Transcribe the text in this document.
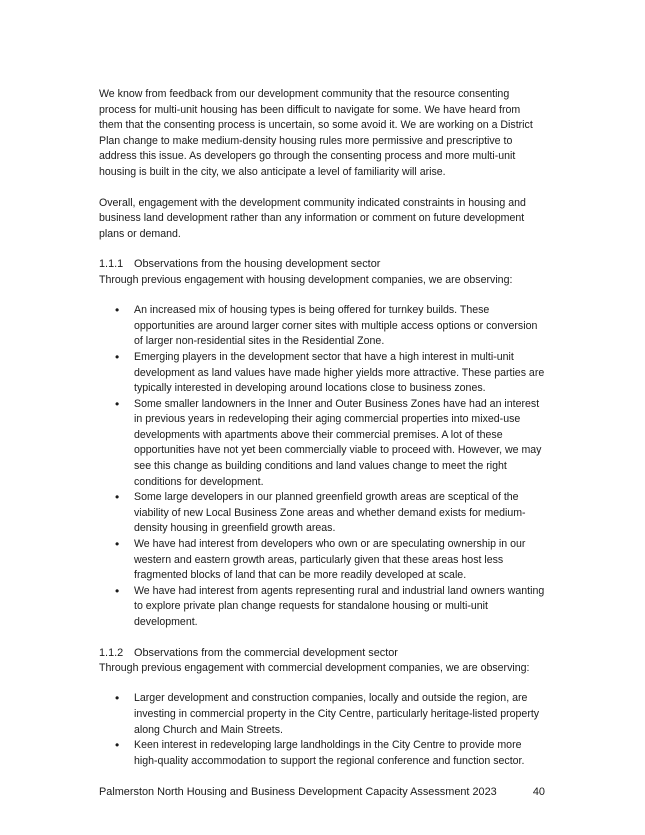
We know from feedback from our development community that the resource consenting process for multi-unit housing has been difficult to navigate for some. We have heard from them that the consenting process is uncertain, so some avoid it. We are working on a District Plan change to make medium-density housing rules more permissive and prescriptive to address this issue. As developers go through the consenting process and more multi-unit housing is built in the city, we also anticipate a level of familiarity will arise.

Overall, engagement with the development community indicated constraints in housing and business land development rather than any information or comment on future development plans or demand.

1.1.1 Observations from the housing development sector

Through previous engagement with housing development companies, we are observing:

• An increased mix of housing types is being offered for turnkey builds. These opportunities are around larger corner sites with multiple access options or conversion of larger non-residential sites in the Residential Zone.
• Emerging players in the development sector that have a high interest in multi-unit development as land values have made higher yields more attractive. These parties are typically interested in developing around locations close to business zones.
• Some smaller landowners in the Inner and Outer Business Zones have had an interest in previous years in redeveloping their aging commercial properties into mixed-use developments with apartments above their commercial premises. A lot of these opportunities have not yet been commercially viable to proceed with. However, we may see this change as building conditions and land values change to meet the right conditions for development.
• Some large developers in our planned greenfield growth areas are sceptical of the viability of new Local Business Zone areas and whether demand exists for medium-density housing in greenfield growth areas.
• We have had interest from developers who own or are speculating ownership in our western and eastern growth areas, particularly given that these areas host less fragmented blocks of land that can be more readily developed at scale.
• We have had interest from agents representing rural and industrial land owners wanting to explore private plan change requests for standalone housing or multi-unit development.
1.1.2 Observations from the commercial development sector

Through previous engagement with commercial development companies, we are observing:

• Larger development and construction companies, locally and outside the region, are investing in commercial property in the City Centre, particularly heritage-listed property along Church and Main Streets.
• Keen interest in redeveloping large landholdings in the City Centre to provide more high-quality accommodation to support the regional conference and function sector.
Palmerston North Housing and Business Development Capacity Assessment 2023	40
